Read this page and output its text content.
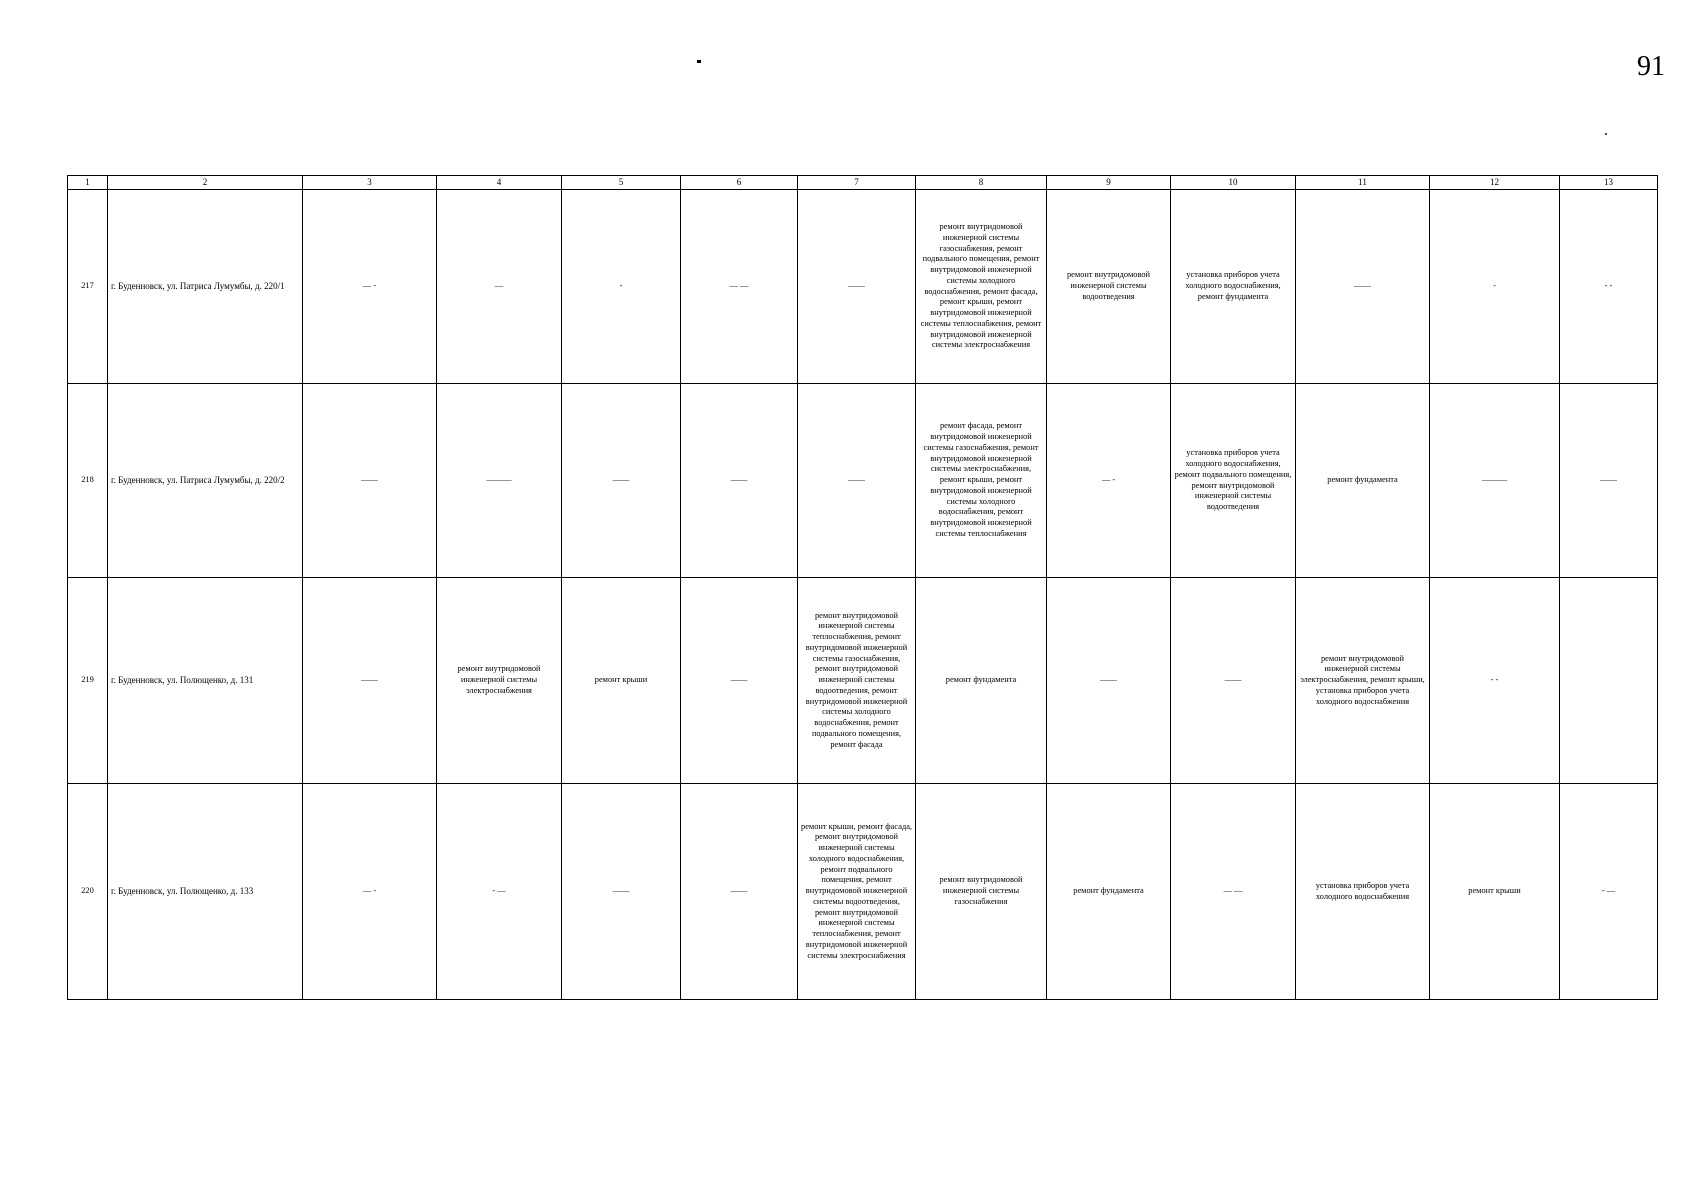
91
1	2	3	4	5	6	7	8	9	10	11	12	13
217	г. Буденновск, ул. Патриса Лумумбы, д. 220/1	— -	—	-	— —	——	ремонт внутридомовой инженерной системы газоснабжения, ремонт подвального помещения, ремонт внутридомовой инженерной системы холодного водоснабжения, ремонт фасада, ремонт крыши, ремонт внутридомовой инженерной системы теплоснабжения, ремонт внутридомовой инженерной системы электроснабжения	ремонт внутридомовой инженерной системы водоотведения	установка приборов учета холодного водоснабжения, ремонт фундамента	——	-	- -
218	г. Буденновск, ул. Патриса Лумумбы, д. 220/2	——	———	——	——	——	ремонт фасада, ремонт внутридомовой инженерной системы газоснабжения, ремонт внутридомовой инженерной системы электроснабжения, ремонт крыши, ремонт внутридомовой инженерной системы холодного водоснабжения, ремонт внутридомовой инженерной системы теплоснабжения	— -	установка приборов учета холодного водоснабжения, ремонт подвального помещения, ремонт внутридомовой инженерной системы водоотведения	ремонт фундамента	———	——
219	г. Буденновск, ул. Полющенко, д. 131	——	ремонт внутридомовой инженерной системы электроснабжения	ремонт крыши	——	ремонт внутридомовой инженерной системы теплоснабжения, ремонт внутридомовой инженерной системы газоснабжения, ремонт внутридомовой инженерной системы водоотведения, ремонт внутридомовой инженерной системы холодного водоснабжения, ремонт подвального помещения, ремонт фасада	ремонт фундамента	——	——	ремонт внутридомовой инженерной системы электроснабжения, ремонт крыши, установка приборов учета холодного водоснабжения	- -	
220	г. Буденновск, ул. Полющенко, д. 133	— -	- —	——	——	ремонт крыши, ремонт фасада, ремонт внутридомовой инженерной системы холодного водоснабжения, ремонт подвального помещения, ремонт внутридомовой инженерной системы водоотведения, ремонт внутридомовой инженерной системы теплоснабжения, ремонт внутридомовой инженерной системы электроснабжения	ремонт внутридомовой инженерной системы газоснабжения	ремонт фундамента	— —	установка приборов учета холодного водоснабжения	ремонт крыши	- —
